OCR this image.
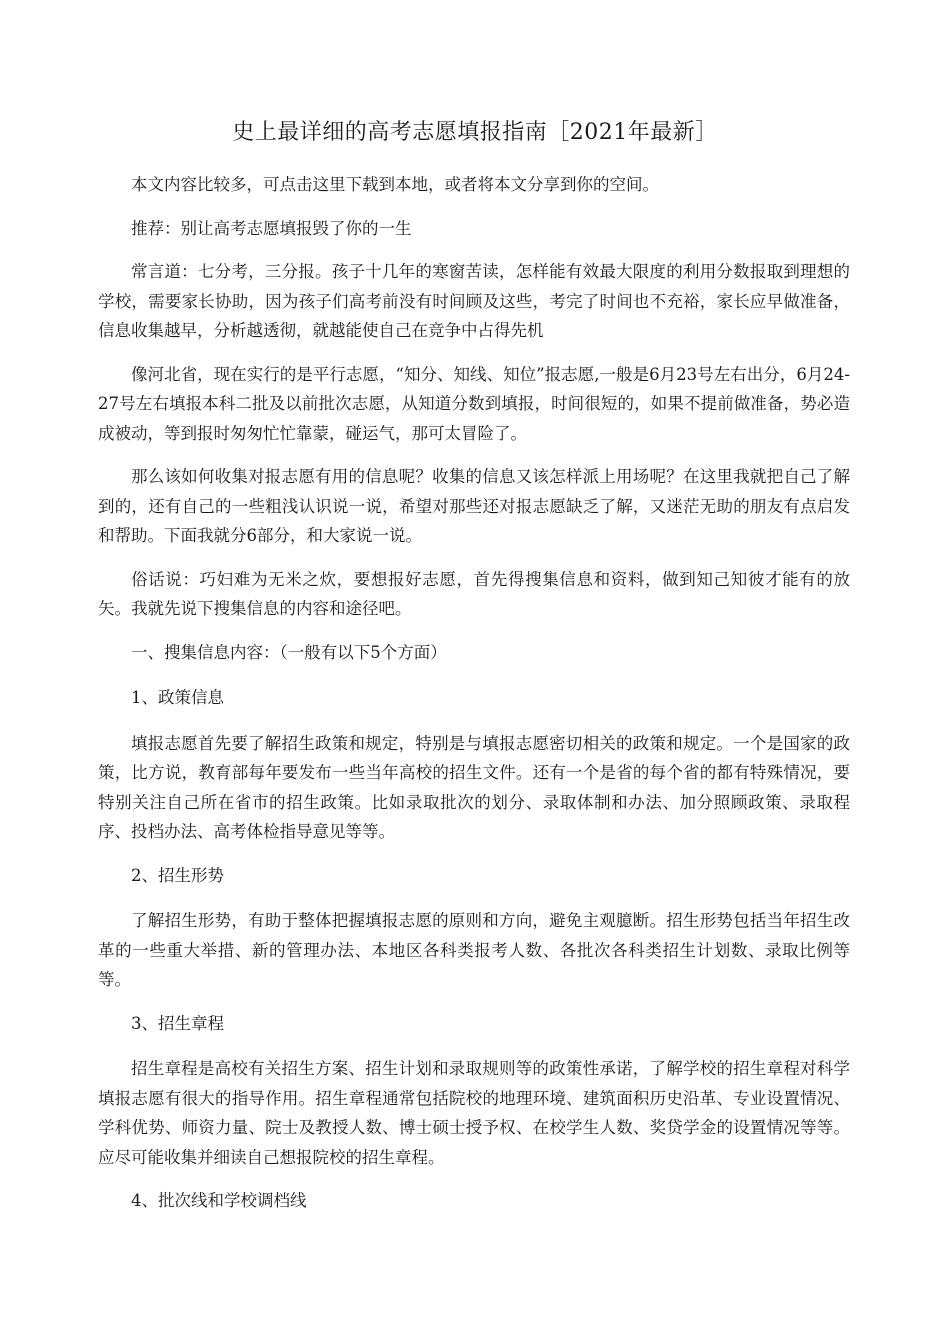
史上最详细的高考志愿填报指南［2021年最新］

本文内容比较多，可点击这里下载到本地，或者将本文分享到你的空间。

推荐：别让高考志愿填报毁了你的一生

常言道：七分考，三分报。孩子十几年的寒窗苦读，怎样能有效最大限度的利用分数报取到理想的学校，需要家长协助，因为孩子们高考前没有时间顾及这些，考完了时间也不充裕，家长应早做准备，信息收集越早，分析越透彻，就越能使自己在竞争中占得先机

像河北省，现在实行的是平行志愿，“知分、知线、知位”报志愿,一般是6月23号左右出分，6月24-27号左右填报本科二批及以前批次志愿，从知道分数到填报，时间很短的，如果不提前做准备，势必造成被动，等到报时匆匆忙忙靠蒙，碰运气，那可太冒险了。

那么该如何收集对报志愿有用的信息呢？收集的信息又该怎样派上用场呢？在这里我就把自己了解到的，还有自己的一些粗浅认识说一说，希望对那些还对报志愿缺乏了解，又迷茫无助的朋友有点启发和帮助。下面我就分6部分，和大家说一说。

俗话说：巧妇难为无米之炊，要想报好志愿，首先得搜集信息和资料，做到知己知彼才能有的放矢。我就先说下搜集信息的内容和途径吧。

一、搜集信息内容：（一般有以下5个方面）

1、政策信息

填报志愿首先要了解招生政策和规定，特别是与填报志愿密切相关的政策和规定。一个是国家的政策，比方说，教育部每年要发布一些当年高校的招生文件。还有一个是省的每个省的都有特殊情况，要特别关注自己所在省市的招生政策。比如录取批次的划分、录取体制和办法、加分照顾政策、录取程序、投档办法、高考体检指导意见等等。

2、招生形势

了解招生形势，有助于整体把握填报志愿的原则和方向，避免主观臆断。招生形势包括当年招生改革的一些重大举措、新的管理办法、本地区各科类报考人数、各批次各科类招生计划数、录取比例等等。

3、招生章程

招生章程是高校有关招生方案、招生计划和录取规则等的政策性承诺，了解学校的招生章程对科学填报志愿有很大的指导作用。招生章程通常包括院校的地理环境、建筑面积历史沿革、专业设置情况、学科优势、师资力量、院士及教授人数、博士硕士授予权、在校学生人数、奖贷学金的设置情况等等。应尽可能收集并细读自己想报院校的招生章程。

4、批次线和学校调档线
